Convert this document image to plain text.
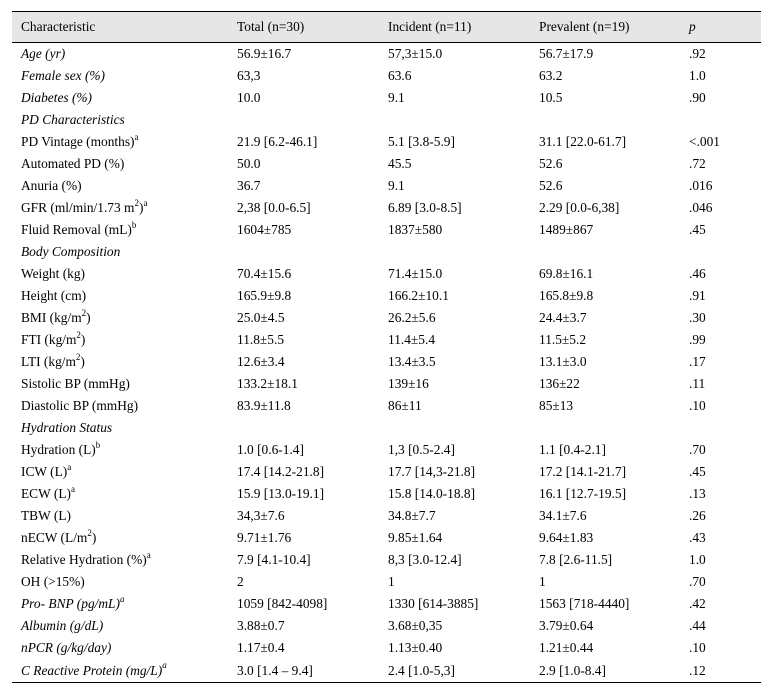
Characteristic	Total (n=30)	Incident (n=11)	Prevalent (n=19)	p
Age (yr)	56.9±16.7	57,3±15.0	56.7±17.9	.92
Female sex (%)	63,3	63.6	63.2	1.0
Diabetes (%)	10.0	9.1	10.5	.90
PD Characteristics				
PD Vintage (months)$^a$	21.9 [6.2-46.1]	5.1 [3.8-5.9]	31.1 [22.0-61.7]	<.001
Automated PD (%)	50.0	45.5	52.6	.72
Anuria (%)	36.7	9.1	52.6	.016
GFR (ml/min/1.73 $m^2)^a$	2,38 [0.0-6.5]	6.89 [3.0-8.5]	2.29 [0.0-6,38]	.046
Fluid Removal (mL)$^b$	1604±785	1837±580	1489±867	.45
Body Composition				
Weight (kg)	70.4±15.6	71.4±15.0	69.8±16.1	.46
Height (cm)	165.9±9.8	166.2±10.1	165.8±9.8	.91
BMI $(kg/m^2)$	25.0±4.5	26.2±5.6	24.4±3.7	.30
FTI $(kg/m^2)$	11.8±5.5	11.4±5.4	11.5±5.2	.99
LTI $(kg/m^2)$	12.6±3.4	13.4±3.5	13.1±3.0	.17
Sistolic BP (mmHg)	133.2±18.1	139±16	136±22	.11
Diastolic BP (mmHg)	83.9±11.8	86±11	85±13	.10
Hydration Status				
Hydration $(L)^b$	1.0 [0.6-1.4]	1,3 [0.5-2.4]	1.1 [0.4-2.1]	.70
ICW $(L)^a$	17.4 [14.2-21.8]	17.7 [14,3-21.8]	17.2 [14.1-21.7]	.45
ECW $(L)^a$	15.9 [13.0-19.1]	15.8 [14.0-18.8]	16.1 [12.7-19.5]	.13
TBW (L)	34,3±7.6	34.8±7.7	34.1±7.6	.26
nECW $(L/m^2)$	9.71±1.76	9.85±1.64	9.64±1.83	.43
Relative Hydration (%)$^a$	7.9 [4.1-10.4]	8,3 [3.0-12.4]	7.8 [2.6-11.5]	1.0
OH (>15%)	2	1	1	.70
Pro- BNP $(pg/mL)^a$	1059 [842-4098]	1330 [614-3885]	1563 [718-4440]	.42
Albumin (g/dL)	3.88±0.7	3.68±0,35	3.79±0.64	.44
nPCR (g/kg/day)	1.17±0.4	1.13±0.40	1.21±0.44	.10
C Reactive Protein $(mg/L)^a$	3.0 [1.4 – 9.4]	2.4 [1.0-5,3]	2.9 [1.0-8.4]	.12
